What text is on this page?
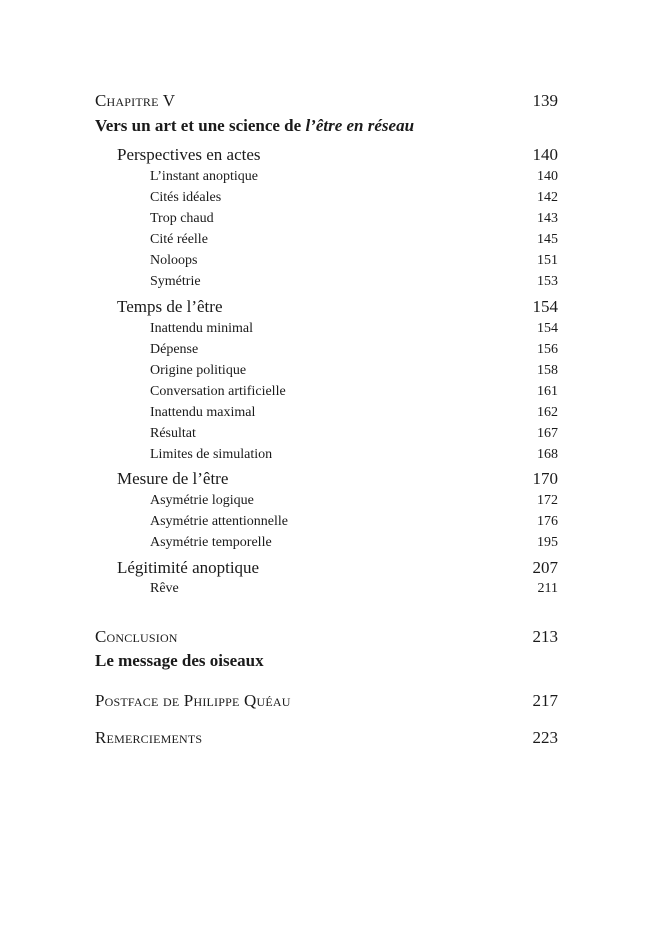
Chapitre V	139
Vers un art et une science de l’être en réseau
Perspectives en actes	140
L’instant anoptique	140
Cités idéales	142
Trop chaud	143
Cité réelle	145
Noloops	151
Symétrie	153
Temps de l’être	154
Inattendu minimal	154
Dépense	156
Origine politique	158
Conversation artificielle	161
Inattendu maximal	162
Résultat	167
Limites de simulation	168
Mesure de l’être	170
Asymétrie logique	172
Asymétrie attentionnelle	176
Asymétrie temporelle	195
Légitimité anoptique	207
Rêve	211
Conclusion	213
Le message des oiseaux
Postface de Philippe Quéau	217
Remerciements	223
